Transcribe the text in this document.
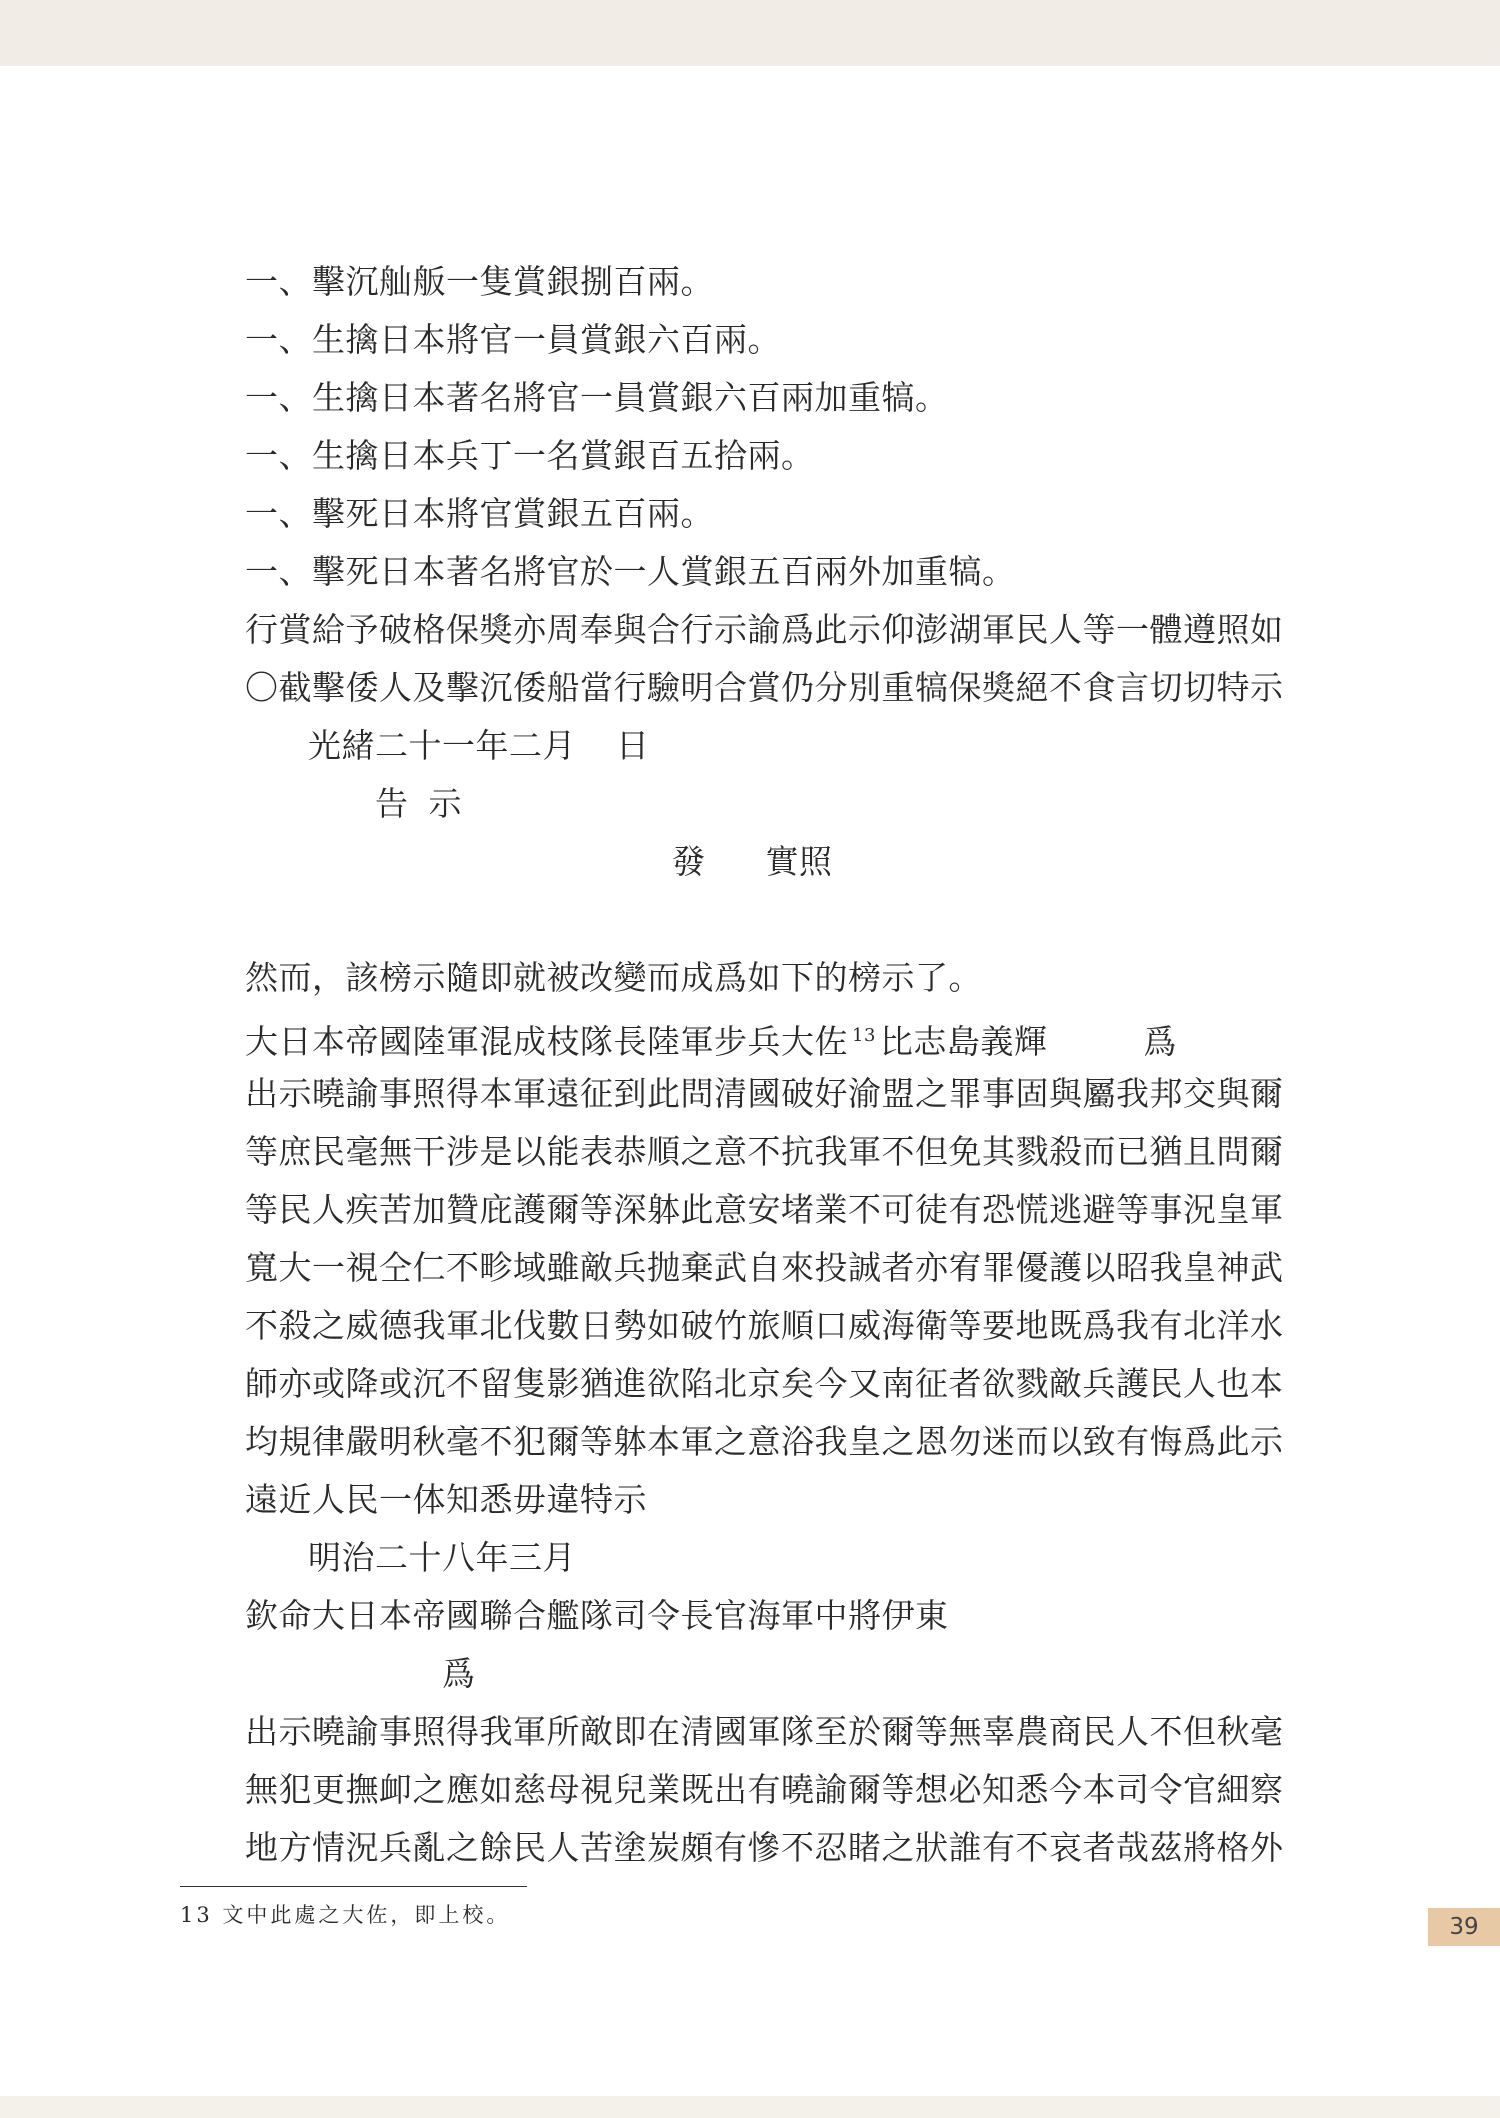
一、擊沉舢舨一隻賞銀捌百兩。
一、生擒日本將官一員賞銀六百兩。
一、生擒日本著名將官一員賞銀六百兩加重犒。
一、生擒日本兵丁一名賞銀百五拾兩。
一、擊死日本將官賞銀五百兩。
一、擊死日本著名將官於一人賞銀五百兩外加重犒。
行賞給予破格保獎亦周奉與合行示諭爲此示仰澎湖軍民人等一體遵照如
〇截擊倭人及擊沉倭船當行驗明合賞仍分別重犒保獎絕不食言切切特示
光緒二十一年二月 日
告 示
發 實照
然而，該榜示隨即就被改變而成爲如下的榜示了。
大日本帝國陸軍混成枝隊長陸軍步兵大佐 $^{13}$ 比志島義輝	爲
出示曉諭事照得本軍遠征到此問清國破好渝盟之罪事固與屬我邦交與爾
等庶民毫無干涉是以能表恭順之意不抗我軍不但免其戮殺而已猶且問爾
等民人疾苦加贊庇護爾等深躰此意安堵業不可徒有恐慌逃避等事況皇軍
寬大一視仝仁不畛域雖敵兵抛棄武自來投誠者亦宥罪優護以昭我皇神武
不殺之威德我軍北伐數日勢如破竹旅順口威海衛等要地既爲我有北洋水
師亦或降或沉不留隻影猶進欲陷北京矣今又南征者欲戮敵兵護民人也本
均規律嚴明秋毫不犯爾等躰本軍之意浴我皇之恩勿迷而以致有悔爲此示
遠近人民一体知悉毋違特示
明治二十八年三月
欽命大日本帝國聯合艦隊司令長官海軍中將伊東
爲
出示曉諭事照得我軍所敵即在清國軍隊至於爾等無辜農商民人不但秋毫
無犯更撫卹之應如慈母視兒業既出有曉諭爾等想必知悉今本司令官細察
地方情況兵亂之餘民人苦塗炭頗有慘不忍睹之狀誰有不哀者哉茲將格外
13 文中此處之大佐，即上校。	39
